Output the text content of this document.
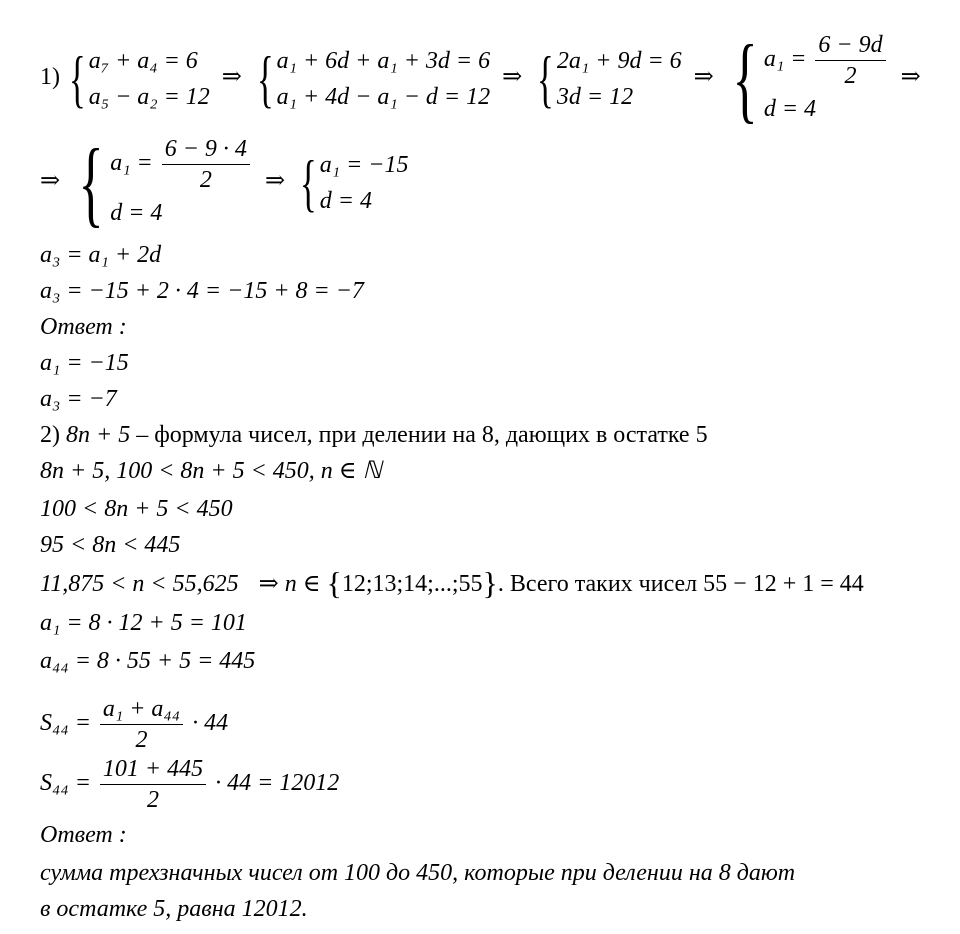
1) { a₇ + a₄ = 6
a₅ − a₂ = 12
⇒ { a₁ + 6d + a₁ + 3d = 6
a₁ + 4d − a₁ − d = 12
⇒ { 2a₁ + 9d = 6
3d = 12
⇒ { $a_1 = \frac{6 - 9d}{2}$
d = 4
⇒
⇒ { $a_1 = \frac{6 - 9 \cdot 4}{2}$
d = 4
⇒ { a₁ = −15
d = 4
a₃ = a₁ + 2d
a₃ = −15 + 2 · 4 = −15 + 8 = −7
Ответ :
a₁ = −15
a₃ = −7
2) 8n + 5 – формула чисел, при делении на 8, дающих в остатке 5
8n + 5, 100 < 8n + 5 < 450, n ∈ ℕ
100 < 8n + 5 < 450
95 < 8n < 445
11,875 < n < 55,625 ⇒ n ∈ {12;13;14;...;55}. Всего таких чисел 55 − 12 + 1 = 44
a₁ = 8 · 12 + 5 = 101
a₄₄ = 8 · 55 + 5 = 445
$S_{44} = \frac{\text{a₁ + a₄₄}}{2} \cdot 44$
$S_{44} = \frac{101 + 445}{2} \cdot 44 = 12012$
Ответ :
сумма трехзначных чисел от 100 до 450, которые при делении на 8 дают
в остатке 5, равна 12012.
